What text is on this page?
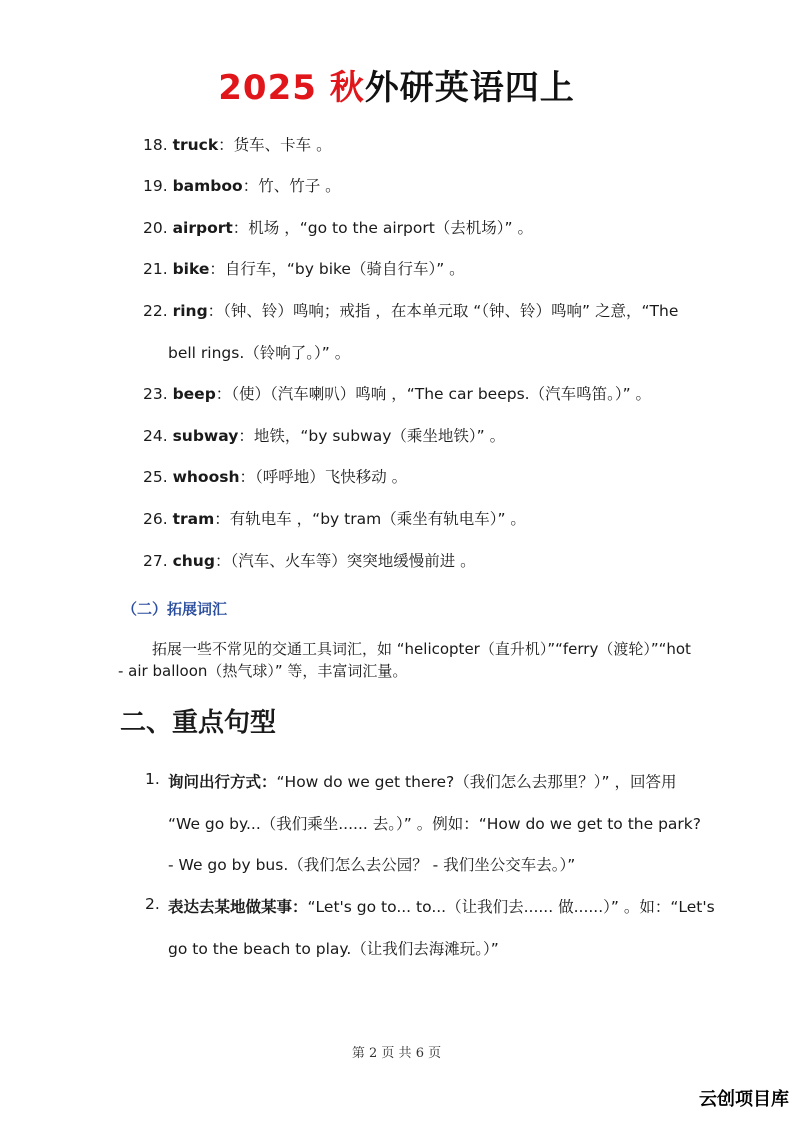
2025 秋外研英语四上
18. truck：货车、卡车 。
19. bamboo：竹、竹子 。
20. airport：机场 ，“go to the airport（去机场）” 。
21. bike：自行车，“by bike（骑自行车）” 。
22. ring：（钟、铃）鸣响；戒指 ，在本单元取 “（钟、铃）鸣响” 之意，“The
bell rings.（铃响了。）” 。
23. beep：（使）（汽车喇叭）鸣响 ，“The car beeps.（汽车鸣笛。）” 。
24. subway：地铁，“by subway（乘坐地铁）” 。
25. whoosh：（呼呼地）飞快移动 。
26. tram：有轨电车 ，“by tram（乘坐有轨电车）” 。
27. chug：（汽车、火车等）突突地缓慢前进 。
（二）拓展词汇
拓展一些不常见的交通工具词汇，如 “helicopter（直升机）”“ferry（渡轮）”“hot
- air balloon（热气球）” 等，丰富词汇量。
二、重点句型
1. 询问出行方式：“How do we get there?（我们怎么去那里？）” ，回答用
“We go by...（我们乘坐...... 去。）” 。例如：“How do we get to the park?
- We go by bus.（我们怎么去公园？ - 我们坐公交车去。）”
2. 表达去某地做某事：“Let's go to... to...（让我们去...... 做......）” 。如：“Let's
go to the beach to play.（让我们去海滩玩。）”
第 2 页 共 6 页
云创项目库
